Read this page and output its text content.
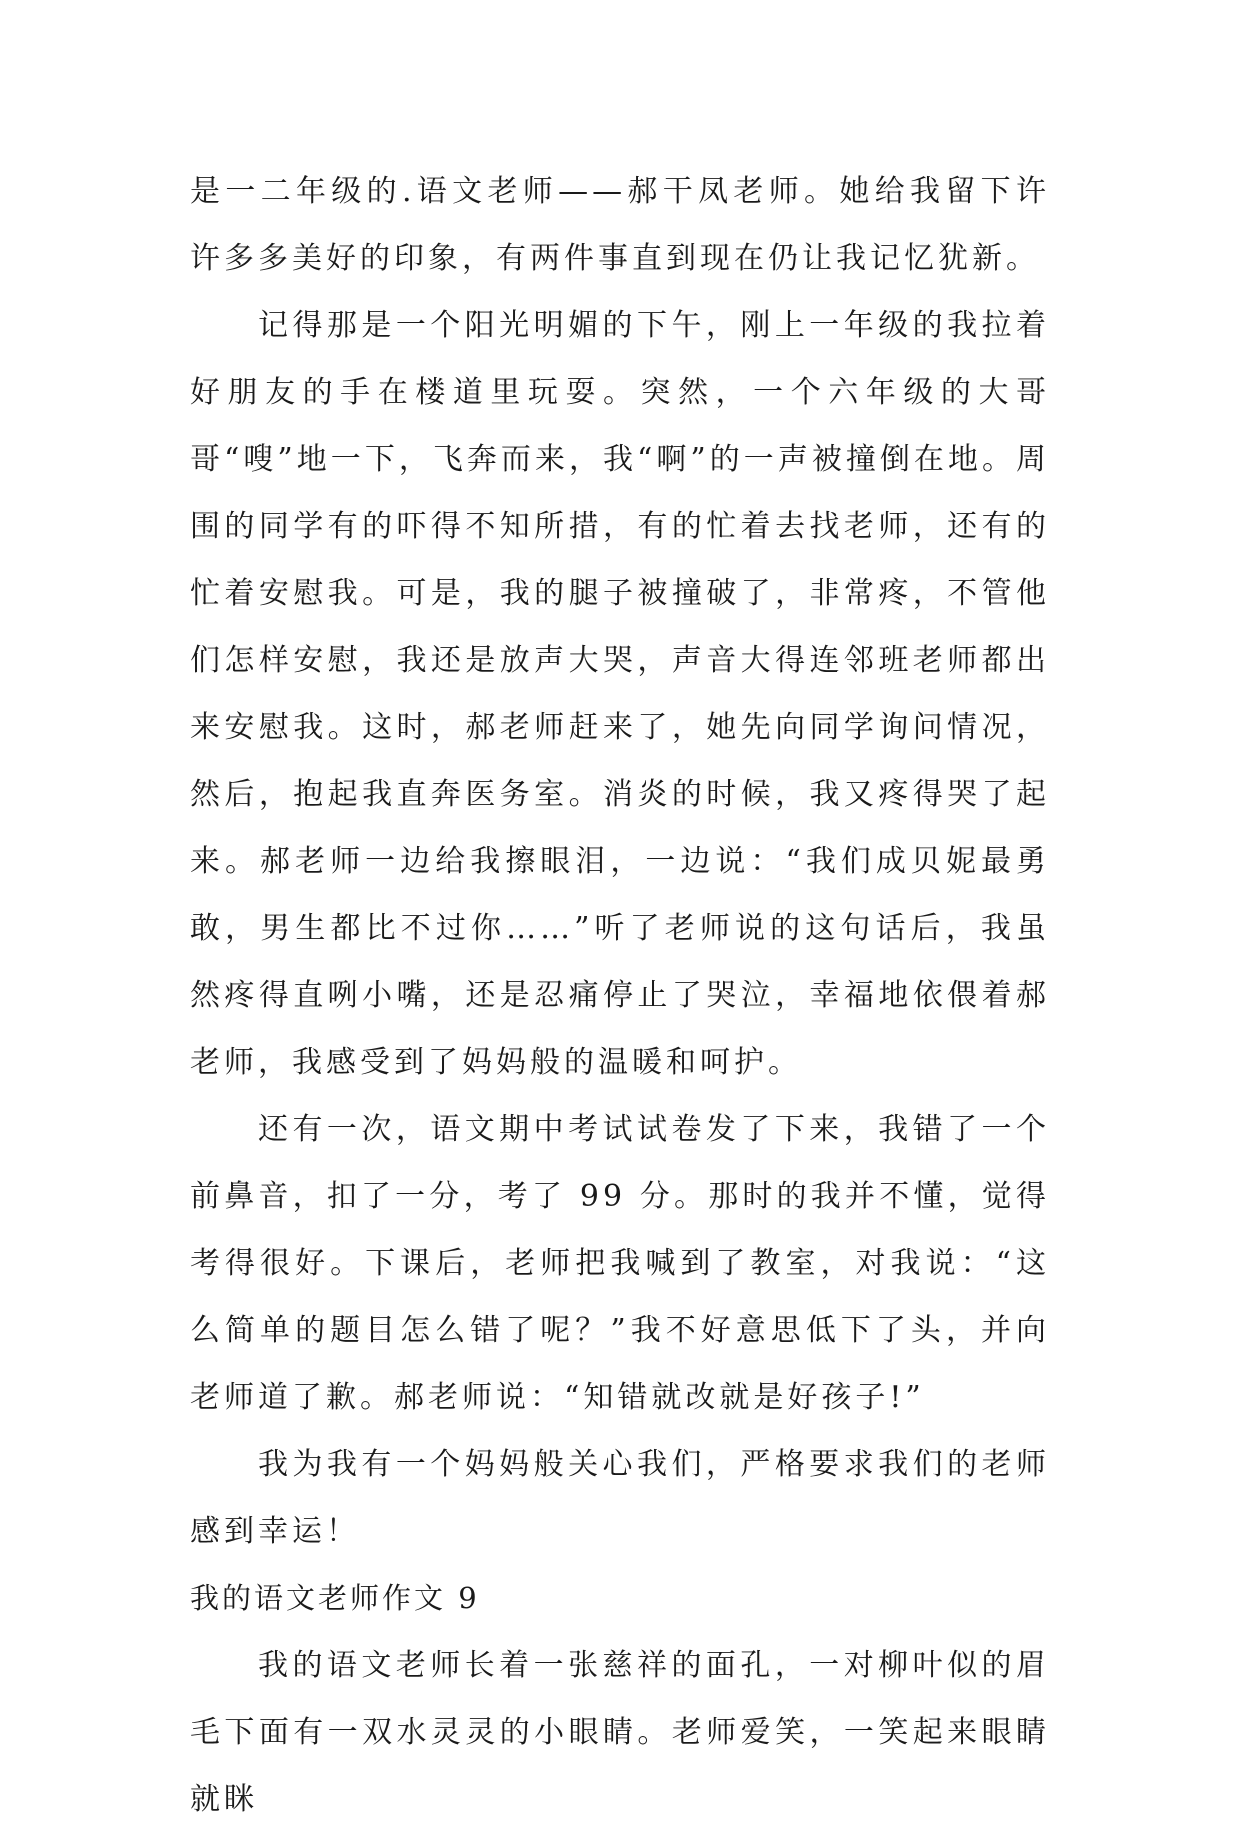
是一二年级的.语文老师——郝干凤老师。她给我留下许许多多美好的印象，有两件事直到现在仍让我记忆犹新。

记得那是一个阳光明媚的下午，刚上一年级的我拉着好朋友的手在楼道里玩耍。突然，一个六年级的大哥哥“嗖”地一下，飞奔而来，我“啊”的一声被撞倒在地。周围的同学有的吓得不知所措，有的忙着去找老师，还有的忙着安慰我。可是，我的腿子被撞破了，非常疼，不管他们怎样安慰，我还是放声大哭，声音大得连邻班老师都出来安慰我。这时，郝老师赶来了，她先向同学询问情况，然后，抱起我直奔医务室。消炎的时候，我又疼得哭了起来。郝老师一边给我擦眼泪，一边说：“我们成贝妮最勇敢，男生都比不过你……”听了老师说的这句话后，我虽然疼得直咧小嘴，还是忍痛停止了哭泣，幸福地依偎着郝老师，我感受到了妈妈般的温暖和呵护。

还有一次，语文期中考试试卷发了下来，我错了一个前鼻音，扣了一分，考了 99 分。那时的我并不懂，觉得考得很好。下课后，老师把我喊到了教室，对我说：“这么简单的题目怎么错了呢？”我不好意思低下了头，并向老师道了歉。郝老师说：“知错就改就是好孩子!”

我为我有一个妈妈般关心我们，严格要求我们的老师感到幸运！

我的语文老师作文 9

我的语文老师长着一张慈祥的面孔，一对柳叶似的眉毛下面有一双水灵灵的小眼睛。老师爱笑，一笑起来眼睛就眯
